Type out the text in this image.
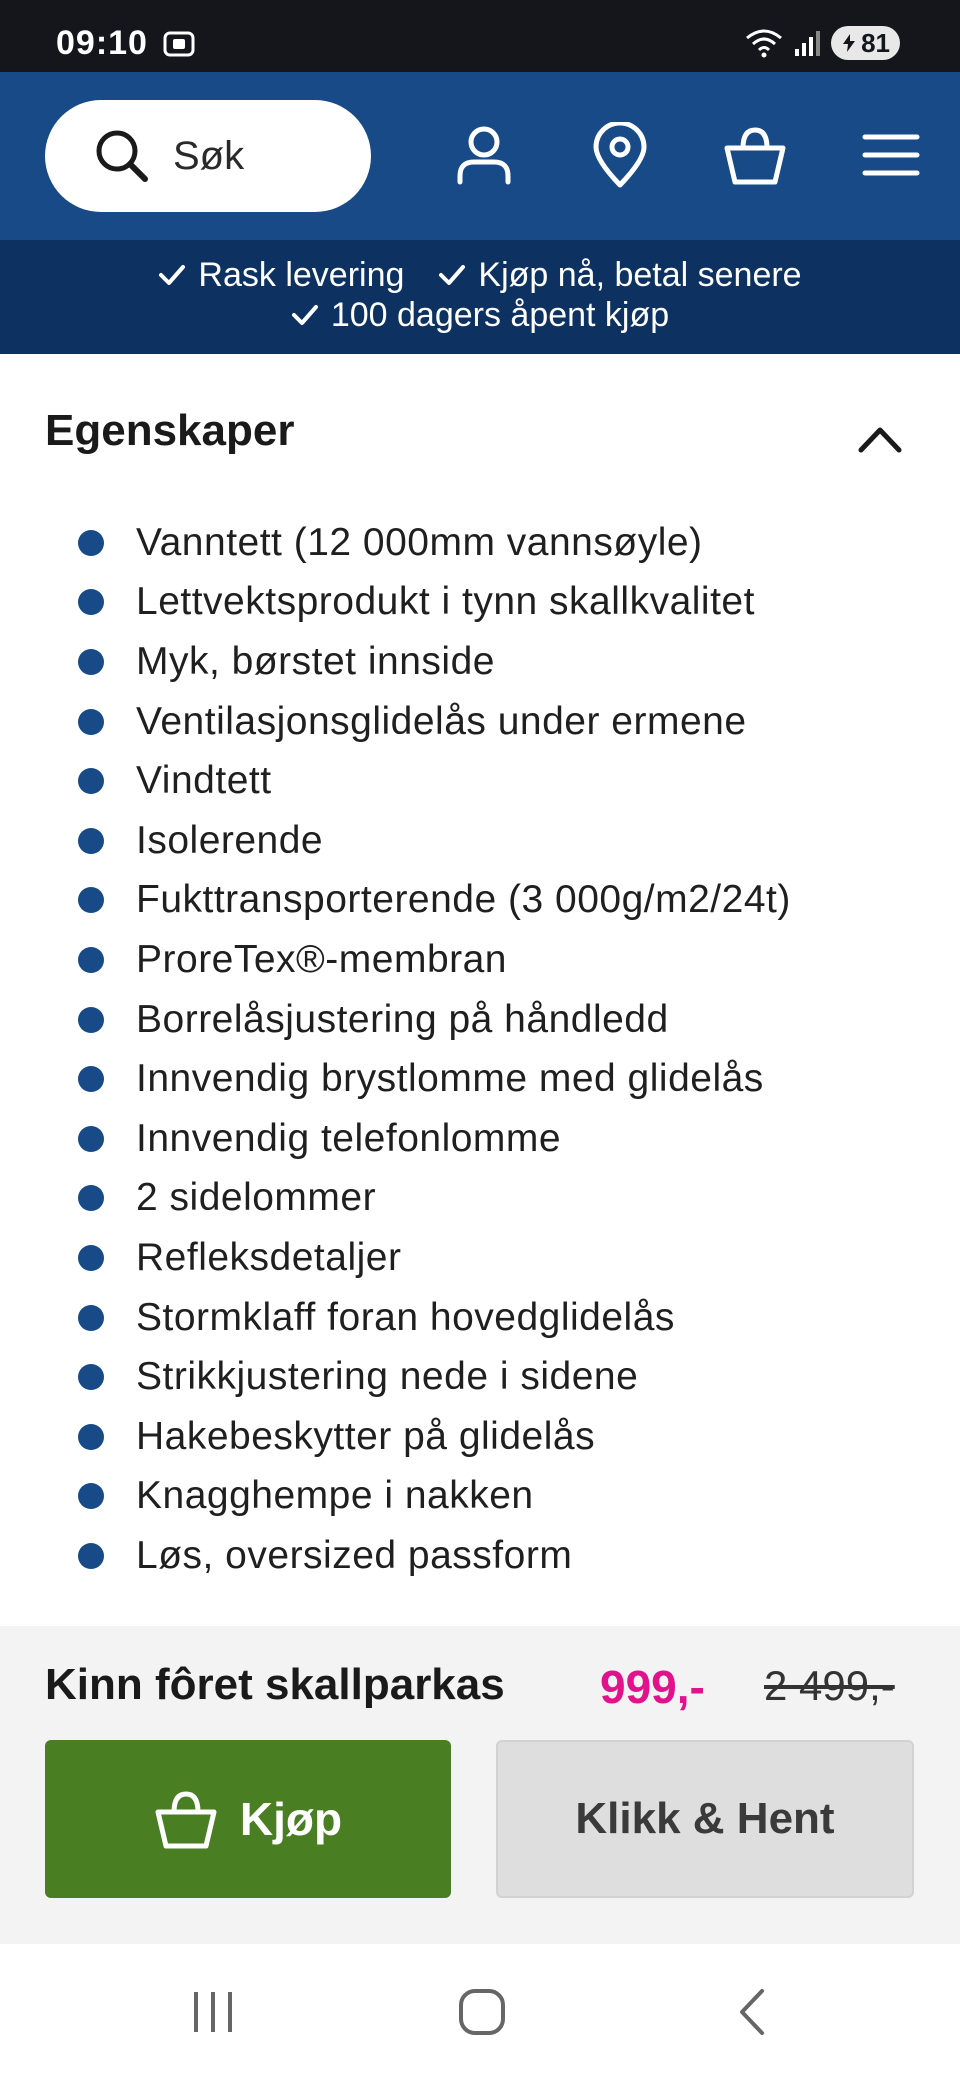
09:10	81
Søk
Rask levering Kjøp nå, betal senere
100 dagers åpent kjøp
Egenskaper
Vanntett (12 000mm vannsøyle)
Lettvektsprodukt i tynn skallkvalitet
Myk, børstet innside
Ventilasjonsglidelås under ermene
Vindtett
Isolerende
Fukttransporterende (3 000g/m2/24t)
ProreTex®-membran
Borrelåsjustering på håndledd
Innvendig brystlomme med glidelås
Innvendig telefonlomme
2 sidelommer
Refleksdetaljer
Stormklaff foran hovedglidelås
Strikkjustering nede i sidene
Hakebeskytter på glidelås
Knagghempe i nakken
Løs, oversized passform
Kinn fôret skallparkas 999,- 2 499,-
Kjøp	Klikk & Hent
